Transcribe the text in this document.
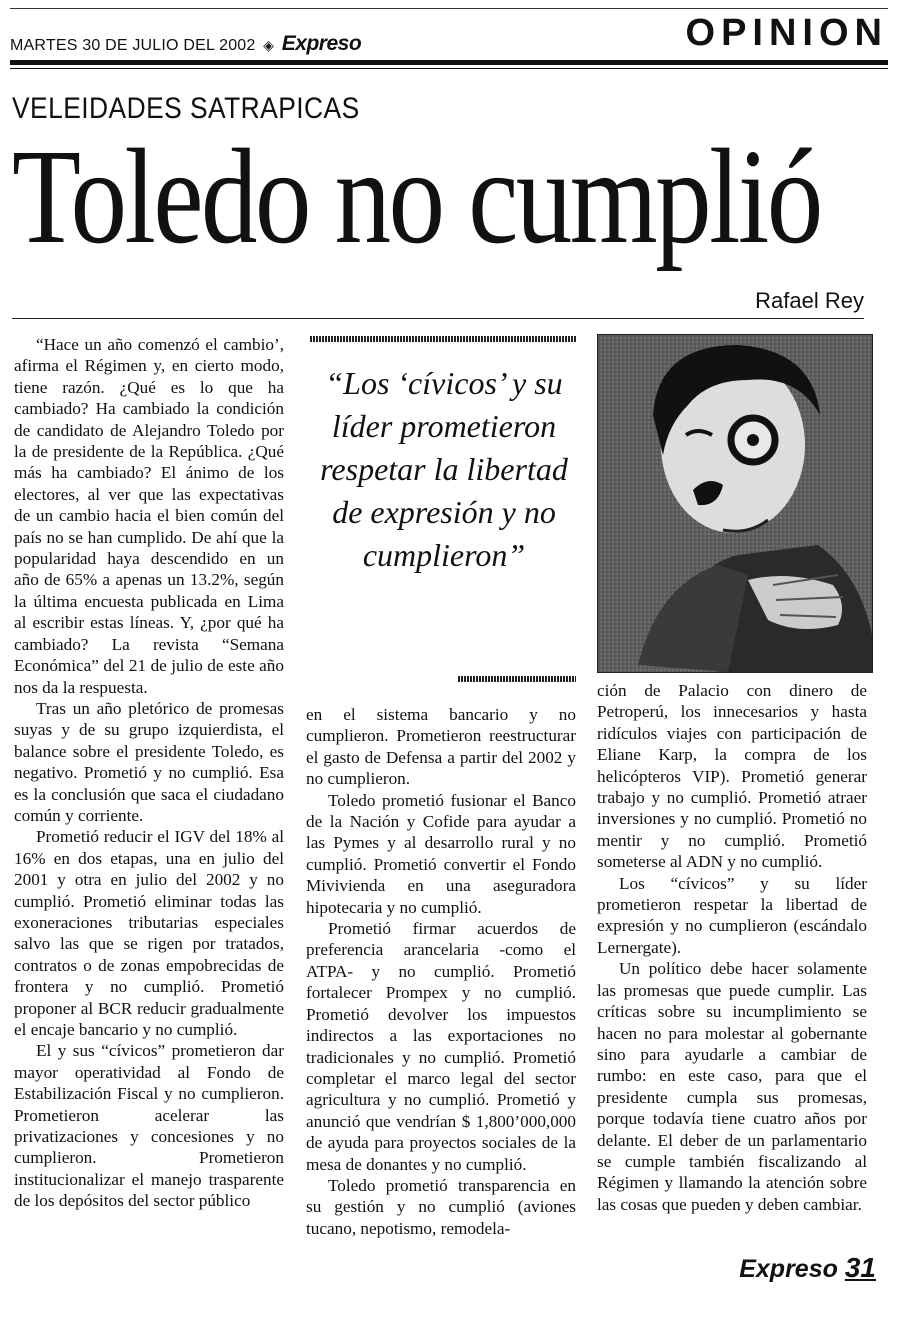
MARTES 30 DE JULIO DEL 2002 ◈ Expreso	OPINION
VELEIDADES SATRAPICAS
Toledo no cumplió
Rafael Rey

“Hace un año comenzó el cambio’, afirma el Régimen y, en cierto modo, tiene razón. ¿Qué es lo que ha cambiado? Ha cambiado la condición de candidato de Alejandro Toledo por la de presidente de la República. ¿Qué más ha cambiado? El ánimo de los electores, al ver que las expectativas de un cambio hacia el bien común del país no se han cumplido. De ahí que la popularidad haya descendido en un año de 65% a apenas un 13.2%, según la última encuesta publicada en Lima al escribir estas líneas. Y, ¿por qué ha cambiado? La revista “Semana Económica” del 21 de julio de este año nos da la respuesta.

Tras un año pletórico de promesas suyas y de su grupo izquierdista, el balance sobre el presidente Toledo, es negativo. Prometió y no cumplió. Esa es la conclusión que saca el ciudadano común y corriente.

Prometió reducir el IGV del 18% al 16% en dos etapas, una en julio del 2001 y otra en julio del 2002 y no cumplió. Prometió eliminar todas las exoneraciones tributarias especiales salvo las que se rigen por tratados, contratos o de zonas empobrecidas de frontera y no cumplió. Prometió proponer al BCR reducir gradualmente el encaje bancario y no cumplió.

El y sus “cívicos” prometieron dar mayor operatividad al Fondo de Estabilización Fiscal y no cumplieron. Prometieron acelerar las privatizaciones y concesiones y no cumplieron. Prometieron institucionalizar el manejo trasparente de los depósitos del sector público

“Los ‘cívicos’ y su líder prometieron respetar la libertad de expresión y no cumplieron”

en el sistema bancario y no cumplieron. Prometieron reestructurar el gasto de Defensa a partir del 2002 y no cumplieron.

Toledo prometió fusionar el Banco de la Nación y Cofide para ayudar a las Pymes y al desarrollo rural y no cumplió. Prometió convertir el Fondo Mivivienda en una aseguradora hipotecaria y no cumplió.

Prometió firmar acuerdos de preferencia arancelaria -como el ATPA- y no cumplió. Prometió fortalecer Prompex y no cumplió. Prometió devolver los impuestos indirectos a las exportaciones no tradicionales y no cumplió. Prometió completar el marco legal del sector agricultura y no cumplió. Prometió y anunció que vendrían $ 1,800’000,000 de ayuda para proyectos sociales de la mesa de donantes y no cumplió.

Toledo prometió transparencia en su gestión y no cumplió (aviones tucano, nepotismo, remodela-

ción de Palacio con dinero de Petroperú, los innecesarios y hasta ridículos viajes con participación de Eliane Karp, la compra de los helicópteros VIP). Prometió generar trabajo y no cumplió. Prometió atraer inversiones y no cumplió. Prometió no mentir y no cumplió. Prometió someterse al ADN y no cumplió.

Los “cívicos” y su líder prometieron respetar la libertad de expresión y no cumplieron (escándalo Lernergate).

Un político debe hacer solamente las promesas que puede cumplir. Las críticas sobre su incumplimiento se hacen no para molestar al gobernante sino para ayudarle a cambiar de rumbo: en este caso, para que el presidente cumpla sus promesas, porque todavía tiene cuatro años por delante. El deber de un parlamentario se cumple también fiscalizando al Régimen y llamando la atención sobre las cosas que pueden y deben cambiar.

Expreso 31
